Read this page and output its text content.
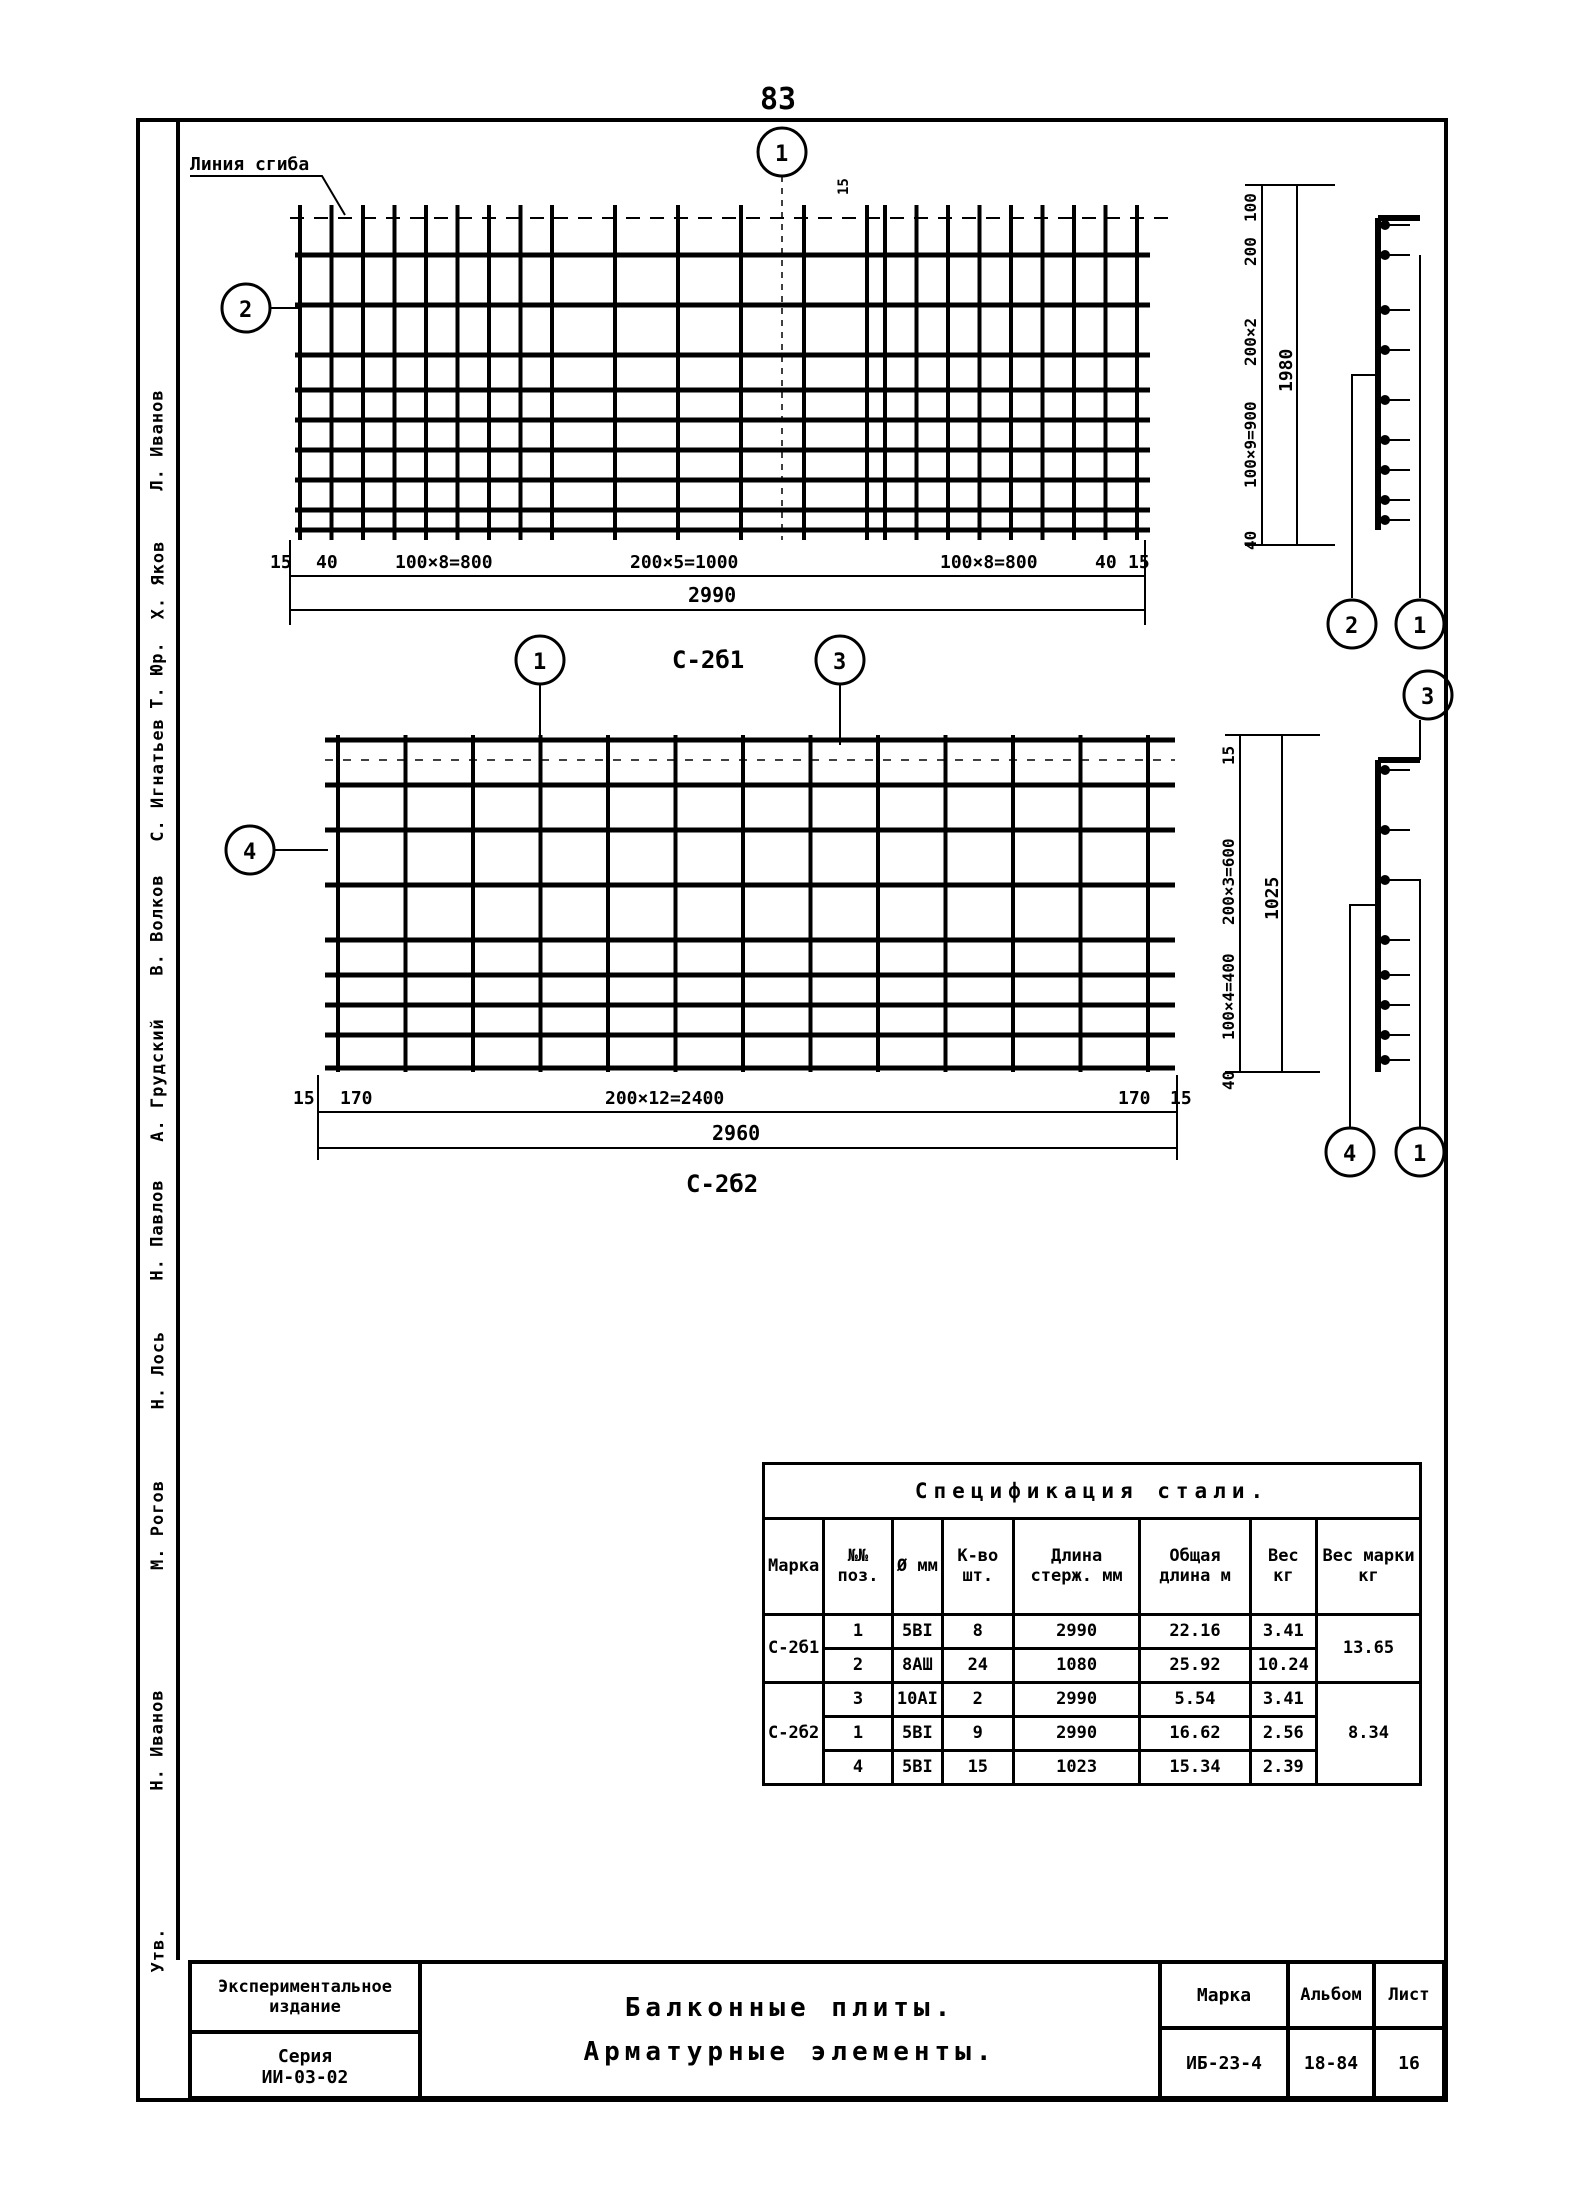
83
15 40	100×8=800	200×5=1000	100×8=800	40 15
2990
С-2б1
Линия сгиба
15
15 170	200×12=2400	170 15
2960
С-2б2
40
100×9=900
200×2
200
100
1980
40
100×4=400
200×3=600
15
1025
1
2
1	3
4
2 1
3
4	1
Утв.
Н. Иванов
М. Рогов
Н. Лось
Н. Павлов
А. Грудский
В. Волков
С. Игнатьев
Т. Юр.
Х. Яков
Л. Иванов
Спецификация стали.							
Марка	№№ поз.	Ø мм	К-во шт.	Длина стерж. мм	Общая длина м	Вес кг	Вес марки кг
С-2б1	1	5ВI	8	2990	22.16	3.41	13.65
	2	8АШ	24	1080	25.92	10.24	
С-2б2	3	10АI	2	2990	5.54	3.41	8.34
	1	5ВI	9	2990	16.62	2.56	
	4	5ВI	15	1023	15.34	2.39	
Экспериментальное
издание
Серия
ИИ-03-02
Балконные плиты.
Арматурные элементы.
Марка
ИБ-23-4
Альбом
18-84
Лист
16
